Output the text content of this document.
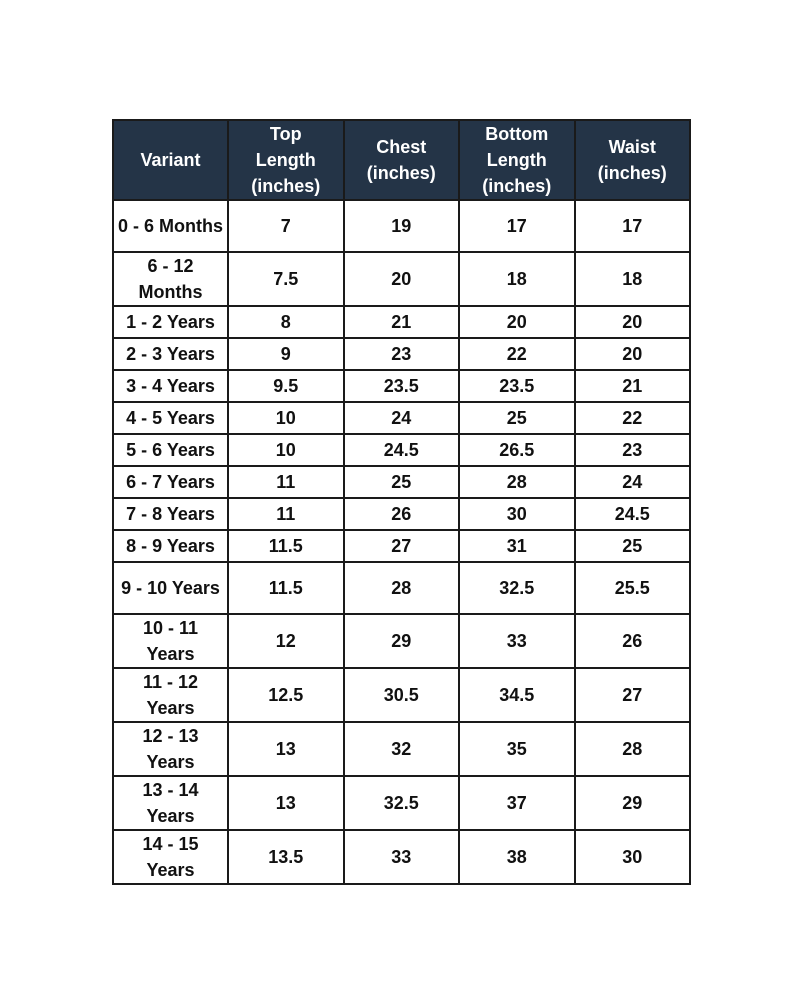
Variant	Top Length (inches)	Chest (inches)	Bottom Length (inches)	Waist (inches)
0 - 6 Months	7	19	17	17
6 - 12 Months	7.5	20	18	18
1 - 2 Years	8	21	20	20
2 - 3 Years	9	23	22	20
3 - 4 Years	9.5	23.5	23.5	21
4 - 5 Years	10	24	25	22
5 - 6 Years	10	24.5	26.5	23
6 - 7 Years	11	25	28	24
7 - 8 Years	11	26	30	24.5
8 - 9 Years	11.5	27	31	25
9 - 10 Years	11.5	28	32.5	25.5
10 - 11 Years	12	29	33	26
11 - 12 Years	12.5	30.5	34.5	27
12 - 13 Years	13	32	35	28
13 - 14 Years	13	32.5	37	29
14 - 15 Years	13.5	33	38	30
